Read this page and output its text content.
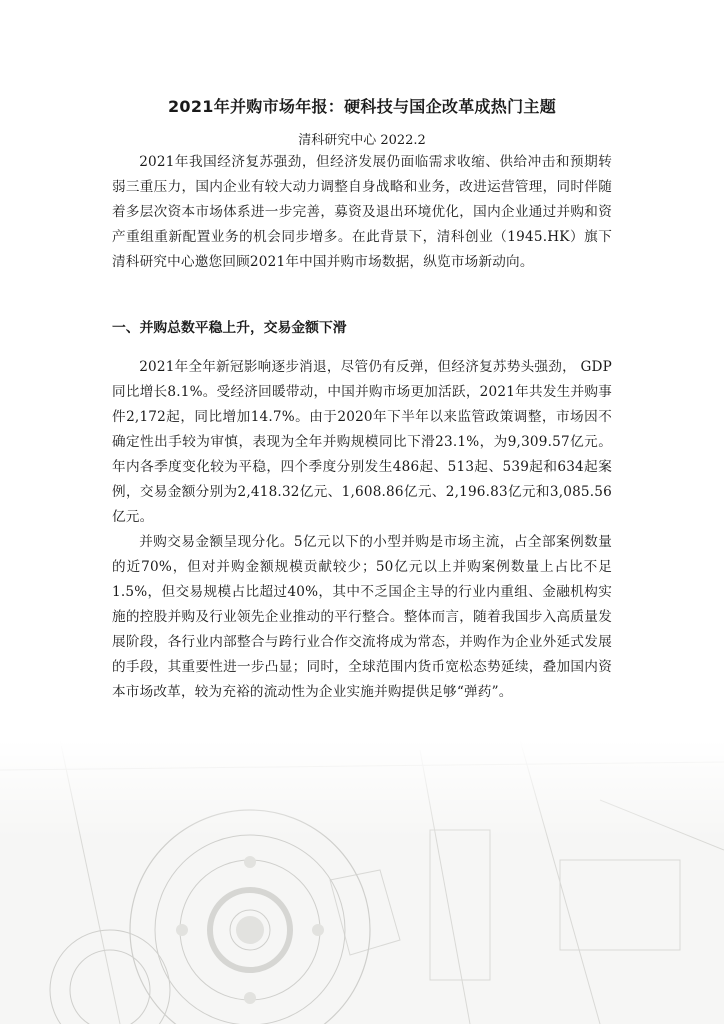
2021年并购市场年报：硬科技与国企改革成热门主题
清科研究中心 2022.2

2021年我国经济复苏强劲，但经济发展仍面临需求收缩、供给冲击和预期转弱三重压力，国内企业有较大动力调整自身战略和业务，改进运营管理，同时伴随着多层次资本市场体系进一步完善，募资及退出环境优化，国内企业通过并购和资产重组重新配置业务的机会同步增多。在此背景下，清科创业（1945.HK）旗下清科研究中心邀您回顾2021年中国并购市场数据，纵览市场新动向。

一、并购总数平稳上升，交易金额下滑

2021年全年新冠影响逐步消退，尽管仍有反弹，但经济复苏势头强劲， GDP同比增长8.1%。受经济回暖带动，中国并购市场更加活跃，2021年共发生并购事件2,172起，同比增加14.7%。由于2020年下半年以来监管政策调整，市场因不确定性出手较为审慎，表现为全年并购规模同比下滑23.1%，为9,309.57亿元。年内各季度变化较为平稳，四个季度分别发生486起、513起、539起和634起案例，交易金额分别为2,418.32亿元、1,608.86亿元、2,196.83亿元和3,085.56亿元。

并购交易金额呈现分化。5亿元以下的小型并购是市场主流，占全部案例数量的近70%，但对并购金额规模贡献较少；50亿元以上并购案例数量上占比不足1.5%，但交易规模占比超过40%，其中不乏国企主导的行业内重组、金融机构实施的控股并购及行业领先企业推动的平行整合。整体而言，随着我国步入高质量发展阶段，各行业内部整合与跨行业合作交流将成为常态，并购作为企业外延式发展的手段，其重要性进一步凸显；同时，全球范围内货币宽松态势延续，叠加国内资本市场改革，较为充裕的流动性为企业实施并购提供足够“弹药”。
